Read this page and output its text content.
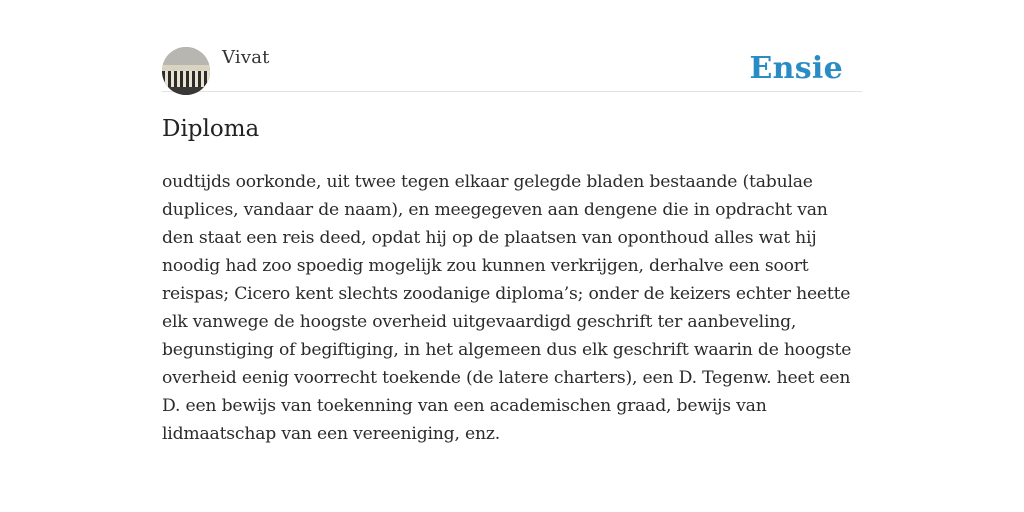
Vivat	Ensie
Diploma

oudtijds oorkonde, uit twee tegen elkaar gelegde bladen bestaande (tabulae duplices, vandaar de naam), en meegegeven aan dengene die in opdracht van den staat een reis deed, opdat hij op de plaatsen van oponthoud alles wat hij noodig had zoo spoedig mogelijk zou kunnen verkrijgen, derhalve een soort reispas; Cicero kent slechts zoodanige diploma’s; onder de keizers echter heette elk vanwege de hoogste overheid uitgevaardigd geschrift ter aanbeveling, begunstiging of begiftiging, in het algemeen dus elk geschrift waarin de hoogste overheid eenig voorrecht toekende (de latere charters), een D. Tegenw. heet een D. een bewijs van toekenning van een academischen graad, bewijs van lidmaatschap van een vereeniging, enz.
